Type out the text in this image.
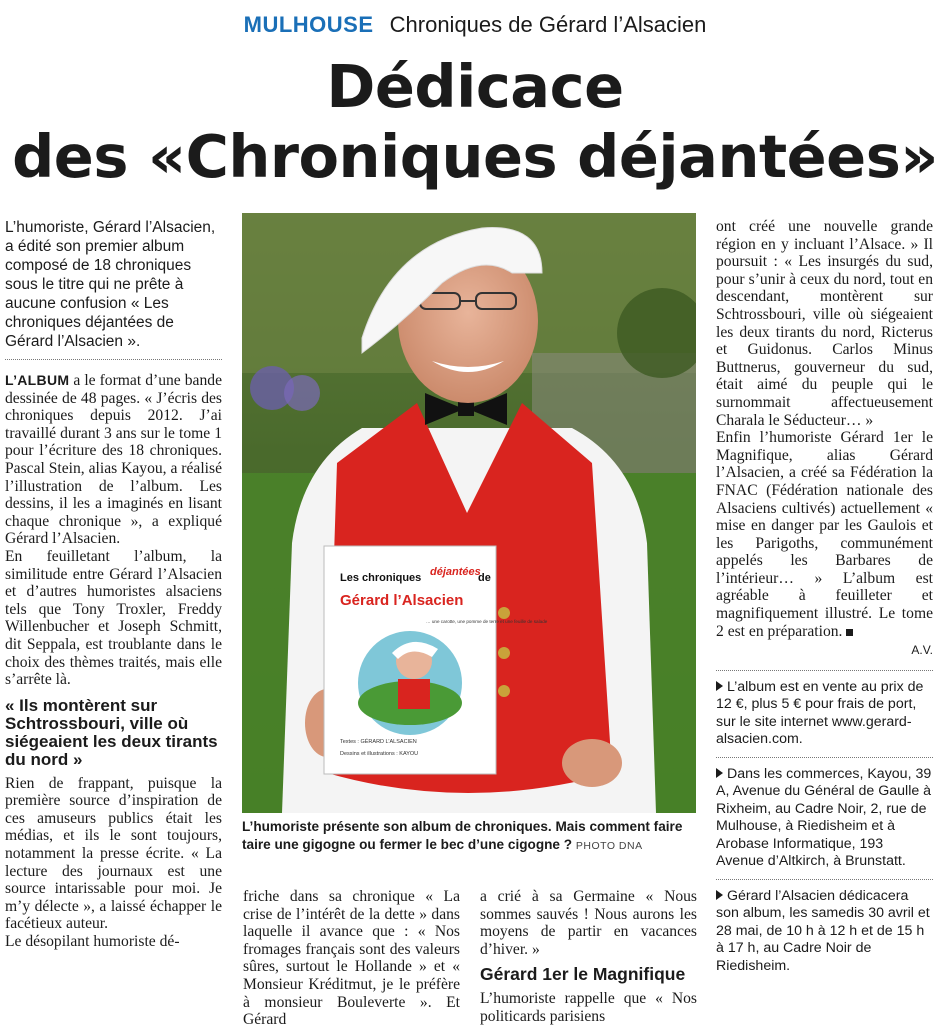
MULHOUSE Chroniques de Gérard l’Alsacien
Dédicace
des «Chroniques déjantées»

L’humoriste, Gérard l’Alsacien, a édité son premier album composé de 18 chroniques sous le titre qui ne prête à aucune confusion « Les chroniques déjantées de Gérard l’Alsacien ».

L’ALBUM a le format d’une bande dessinée de 48 pages. « J’écris des chroniques depuis 2012. J’ai travaillé durant 3 ans sur le tome 1 pour l’écriture des 18 chroniques. Pascal Stein, alias Kayou, a réalisé l’illustration de l’album. Les dessins, il les a imaginés en lisant chaque chronique », a expliqué Gérard l’Alsacien.

En feuilletant l’album, la similitude entre Gérard l’Alsacien et d’autres humoristes alsaciens tels que Tony Troxler, Freddy Willenbucher et Joseph Schmitt, dit Seppala, est troublante dans le choix des thèmes traités, mais elle s’arrête là.

« Ils montèrent sur Schtrossbouri, ville où siégeaient les deux tirants du nord »

Rien de frappant, puisque la première source d’inspiration de ces amuseurs publics était les médias, et ils le sont toujours, notamment la presse écrite. « La lecture des journaux est une source intarissable pour moi. Je m’y délecte », a laissé échapper le facétieux auteur.

Le désopilant humoriste dé-

Les chroniques déjantées
de
Gérard l’Alsacien
Textes : GÉRARD L’ALSACIEN
Dessins et illustrations : KAYOU
… une carotte, une pomme de terre et une feuille de salade
L’humoriste présente son album de chroniques. Mais comment faire taire une gigogne ou fermer le bec d’une cigogne ? PHOTO DNA

friche dans sa chronique « La crise de l’intérêt de la dette » dans laquelle il avance que : « Nos fromages français sont des valeurs sûres, surtout le Hollande » et « Monsieur Kréditmut, je le préfère à monsieur Bouleverte ». Et Gérard

a crié à sa Germaine « Nous sommes sauvés ! Nous aurons les moyens de partir en vacances d’hiver. »

Gérard 1er le Magnifique

L’humoriste rappelle que « Nos politicards parisiens

ont créé une nouvelle grande région en y incluant l’Alsace. » Il poursuit : « Les insurgés du sud, pour s’unir à ceux du nord, tout en descendant, montèrent sur Schtrossbouri, ville où siégeaient les deux tirants du nord, Ricterus et Guidonus. Carlos Minus Buttnerus, gouverneur du sud, était aimé du peuple qui le surnommait affectueusement Charala le Séducteur… »

Enfin l’humoriste Gérard 1er le Magnifique, alias Gérard l’Alsacien, a créé sa Fédération la FNAC (Fédération nationale des Alsaciens cultivés) actuellement « mise en danger par les Gaulois et les Parigoths, communément appelés les Barbares de l’intérieur… » L’album est agréable à feuilleter et magnifiquement illustré. Le tome 2 est en préparation.

A.V.
L’album est en vente au prix de 12 €, plus 5 € pour frais de port, sur le site internet www.gerard-alsacien.com.
Dans les commerces, Kayou, 39 A, Avenue du Général de Gaulle à Rixheim, au Cadre Noir, 2, rue de Mulhouse, à Riedisheim et à Arobase Informatique, 193 Avenue d’Altkirch, à Brunstatt.
Gérard l’Alsacien dédicacera son album, les samedis 30 avril et 28 mai, de 10 h à 12 h et de 15 h à 17 h, au Cadre Noir de Riedisheim.
